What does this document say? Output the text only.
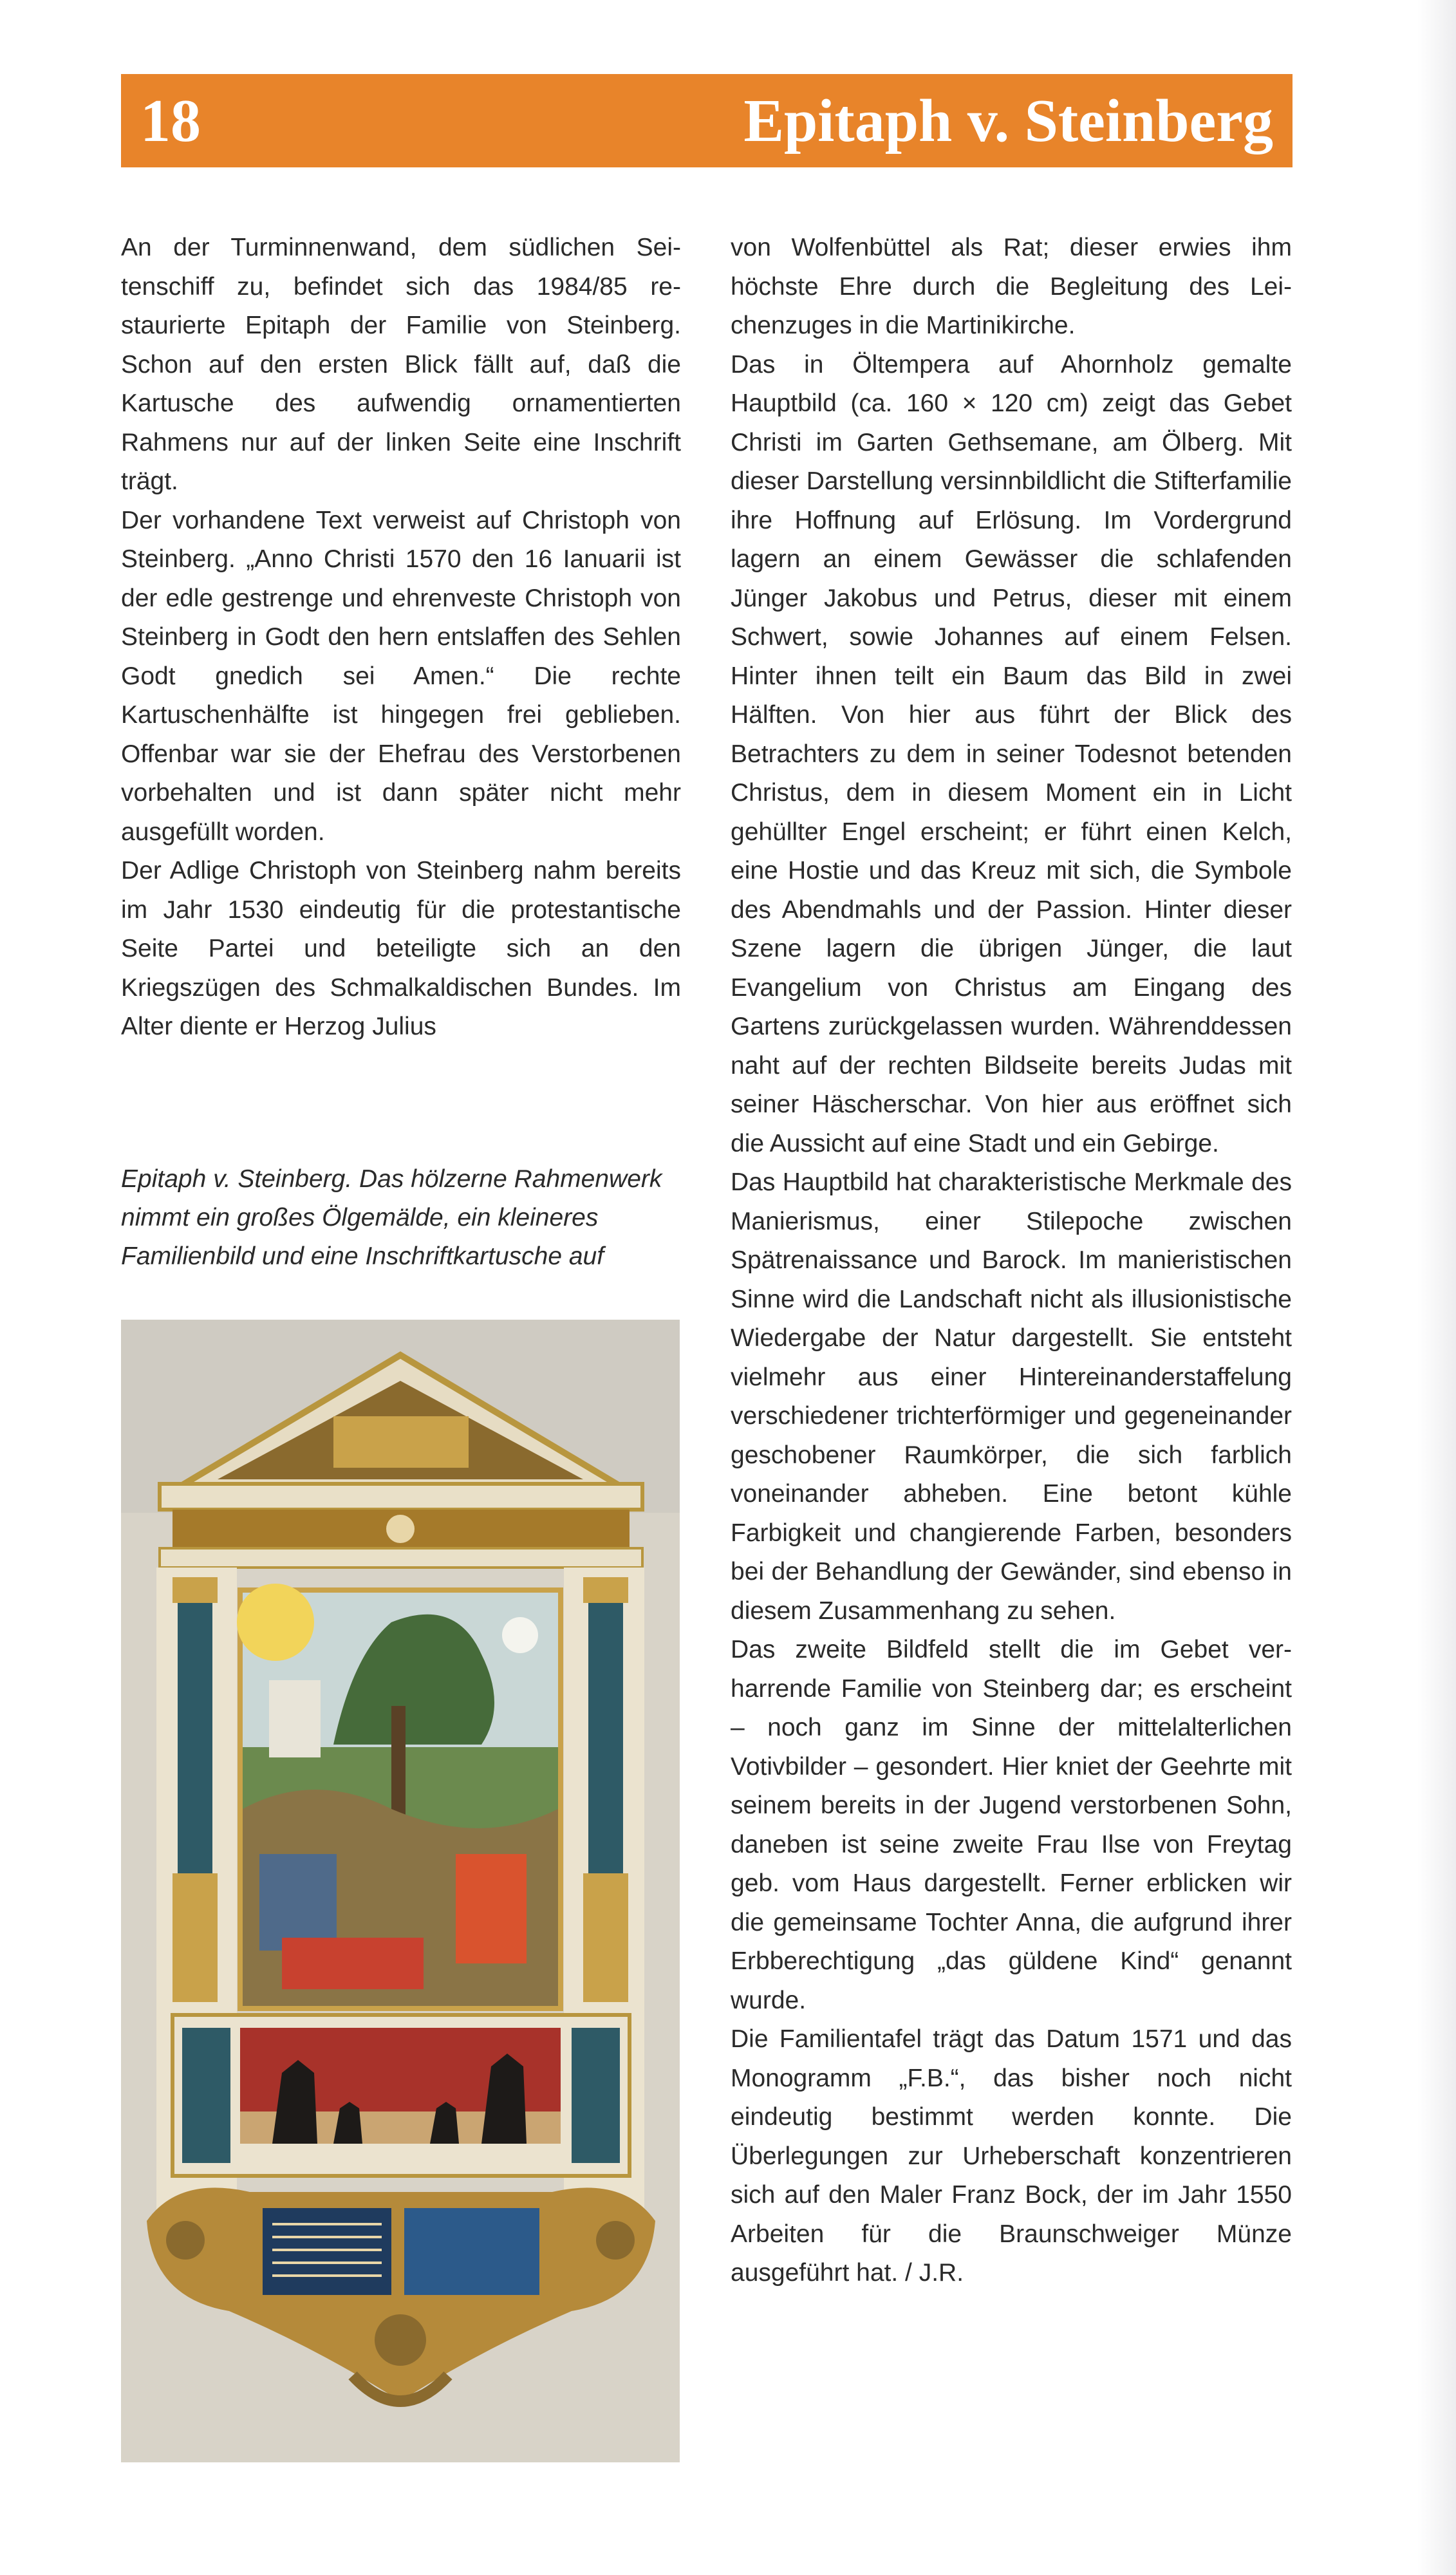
18	Epitaph v. Steinberg

An der Turminnenwand, dem südlichen Seitenschiff zu, befindet sich das 1984/85 restaurierte Epitaph der Familie von Steinberg. Schon auf den ersten Blick fällt auf, daß die Kartusche des aufwendig ornamentierten Rahmens nur auf der linken Seite eine Inschrift trägt.

Der vorhandene Text verweist auf Christoph von Steinberg. „Anno Christi 1570 den 16 Ianuarii ist der edle gestrenge und ehrenveste Christoph von Steinberg in Godt den hern entslaffen des Sehlen Godt gnedich sei Amen.“ Die rechte Kartuschenhälfte ist hingegen frei geblieben. Offenbar war sie der Ehefrau des Verstorbenen vorbehalten und ist dann später nicht mehr ausgefüllt worden.

Der Adlige Christoph von Steinberg nahm bereits im Jahr 1530 eindeutig für die protestantische Seite Partei und beteiligte sich an den Kriegszügen des Schmalkaldischen Bundes. Im Alter diente er Herzog Julius

Epitaph v. Steinberg. Das hölzerne Rahmenwerk nimmt ein großes Ölgemälde, ein kleineres Familienbild und eine Inschriftkartusche auf

von Wolfenbüttel als Rat; dieser erwies ihm höchste Ehre durch die Begleitung des Leichenzuges in die Martinikirche.

Das in Öltempera auf Ahornholz gemalte Hauptbild (ca. 160 × 120 cm) zeigt das Gebet Christi im Garten Gethsemane, am Ölberg. Mit dieser Darstellung versinnbildlicht die Stifterfamilie ihre Hoffnung auf Erlösung. Im Vordergrund lagern an einem Gewässer die schlafenden Jünger Jakobus und Petrus, dieser mit einem Schwert, sowie Johannes auf einem Felsen. Hinter ihnen teilt ein Baum das Bild in zwei Hälften. Von hier aus führt der Blick des Betrachters zu dem in seiner Todesnot betenden Christus, dem in diesem Moment ein in Licht gehüllter Engel erscheint; er führt einen Kelch, eine Hostie und das Kreuz mit sich, die Symbole des Abendmahls und der Passion. Hinter dieser Szene lagern die übrigen Jünger, die laut Evangelium von Christus am Eingang des Gartens zurückgelassen wurden. Währenddessen naht auf der rechten Bildseite bereits Judas mit seiner Häscherschar. Von hier aus eröffnet sich die Aussicht auf eine Stadt und ein Gebirge.

Das Hauptbild hat charakteristische Merkmale des Manierismus, einer Stilepoche zwischen Spätrenaissance und Barock. Im manieristischen Sinne wird die Landschaft nicht als illusionistische Wiedergabe der Natur dargestellt. Sie entsteht vielmehr aus einer Hintereinanderstaffelung verschiedener trichterförmiger und gegeneinander geschobener Raumkörper, die sich farblich voneinander abheben. Eine betont kühle Farbigkeit und changierende Farben, besonders bei der Behandlung der Gewänder, sind ebenso in diesem Zusammenhang zu sehen.

Das zweite Bildfeld stellt die im Gebet verharrende Familie von Steinberg dar; es erscheint – noch ganz im Sinne der mittelalterlichen Votivbilder – gesondert. Hier kniet der Geehrte mit seinem bereits in der Jugend verstorbenen Sohn, daneben ist seine zweite Frau Ilse von Freytag geb. vom Haus dargestellt. Ferner erblicken wir die gemeinsame Tochter Anna, die aufgrund ihrer Erbberechtigung „das güldene Kind“ genannt wurde.

Die Familientafel trägt das Datum 1571 und das Monogramm „F.B.“, das bisher noch nicht eindeutig bestimmt werden konnte. Die Überlegungen zur Urheberschaft konzentrieren sich auf den Maler Franz Bock, der im Jahr 1550 Arbeiten für die Braunschweiger Münze ausgeführt hat. / J.R.
